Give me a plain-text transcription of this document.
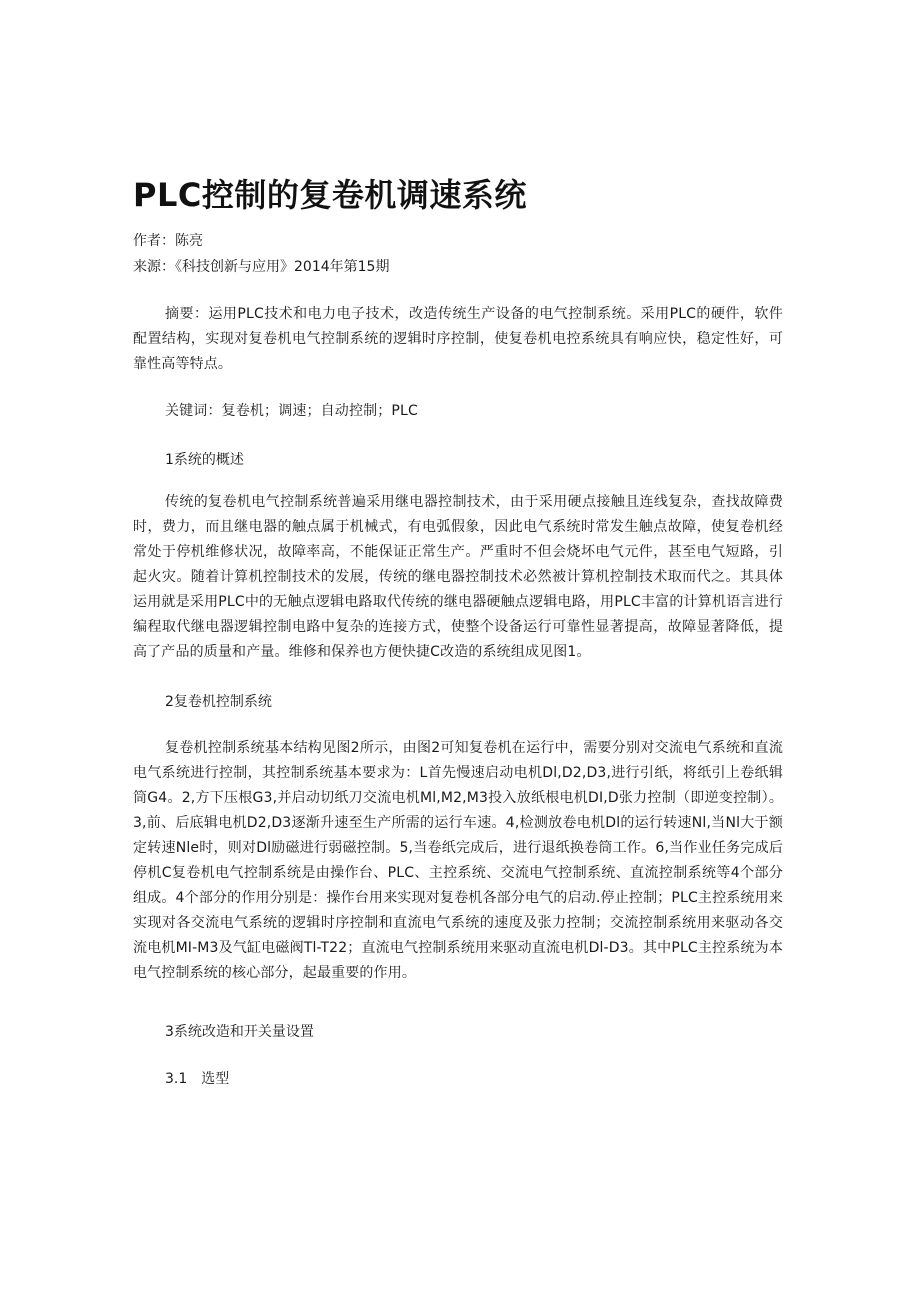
PLC控制的复卷机调速系统
作者：陈亮
来源：《科技创新与应用》2014年第15期

摘要：运用PLC技术和电力电子技术，改造传统生产设备的电气控制系统。采用PLC的硬件，软件配置结构，实现对复卷机电气控制系统的逻辑时序控制，使复卷机电控系统具有响应快，稳定性好，可靠性高等特点。

关键词：复卷机；调速；自动控制；PLC

1系统的概述

传统的复卷机电气控制系统普遍采用继电器控制技术，由于采用硬点接触且连线复杂，查找故障费时，费力，而且继电器的触点属于机械式，有电弧假象，因此电气系统时常发生触点故障，使复卷机经常处于停机维修状况，故障率高，不能保证正常生产。严重时不但会烧坏电气元件，甚至电气短路，引起火灾。随着计算机控制技术的发展，传统的继电器控制技术必然被计算机控制技术取而代之。其具体运用就是采用PLC中的无触点逻辑电路取代传统的继电器硬触点逻辑电路，用PLC丰富的计算机语言进行编程取代继电器逻辑控制电路中复杂的连接方式，使整个设备运行可靠性显著提高，故障显著降低，提高了产品的质量和产量。维修和保养也方便快捷C改造的系统组成见图1。

2复卷机控制系统

复卷机控制系统基本结构见图2所示，由图2可知复卷机在运行中，需要分别对交流电气系统和直流电气系统进行控制，其控制系统基本要求为：L首先慢速启动电机Dl,D2,D3,进行引纸，将纸引上卷纸辑筒G4。2,方下压根G3,并启动切纸刀交流电机Ml,M2,M3投入放纸根电机DI,D张力控制（即逆变控制）。3,前、后底辑电机D2,D3逐渐升速至生产所需的运行车速。4,检测放卷电机Dl的运行转速Nl,当Nl大于额定转速Nle时，则对Dl励磁进行弱磁控制。5,当卷纸完成后，进行退纸换卷筒工作。6,当作业任务完成后停机C复卷机电气控制系统是由操作台、PLC、主控系统、交流电气控制系统、直流控制系统等4个部分组成。4个部分的作用分别是：操作台用来实现对复卷机各部分电气的启动.停止控制；PLC主控系统用来实现对各交流电气系统的逻辑时序控制和直流电气系统的速度及张力控制；交流控制系统用来驱动各交流电机MI-M3及气缸电磁阀Tl-T22；直流电气控制系统用来驱动直流电机Dl-D3。其中PLC主控系统为本电气控制系统的核心部分，起最重要的作用。

3系统改造和开关量设置
3.1　选型
